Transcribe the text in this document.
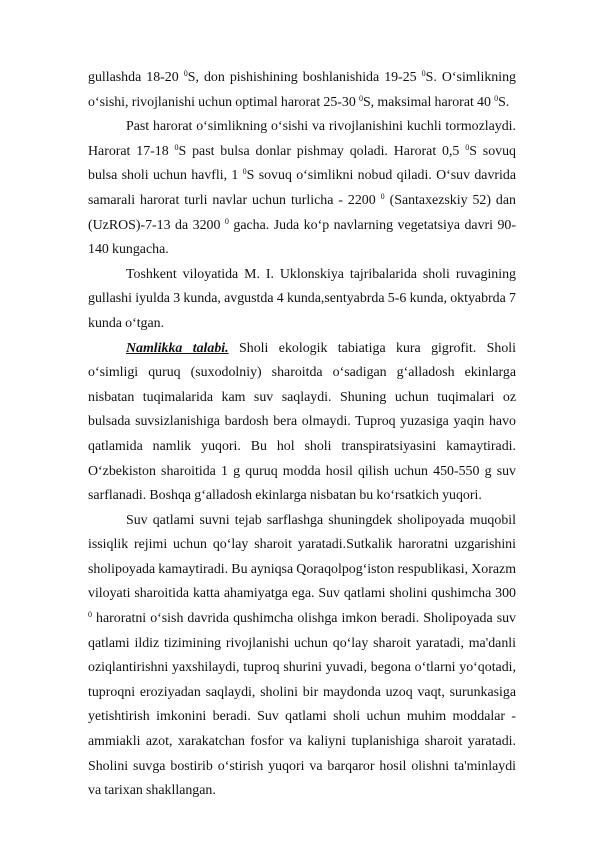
gullashda 18-20 $^0$S, don pishishining boshlanishida 19-25 $^0$S. O‘simlikning o‘sishi, rivojlanishi uchun optimal harorat 25-30 $^0$S, maksimal harorat 40 $^0$S.

Past harorat o‘simlikning o‘sishi va rivojlanishini kuchli tormozlaydi. Harorat 17-18 $^0$S past bulsa donlar pishmay qoladi. Harorat 0,5 $^0$S sovuq bulsa sholi uchun havfli, 1 $^0$S sovuq o‘simlikni nobud qiladi. O‘suv davrida samarali harorat turli navlar uchun turlicha - 2200 $^0$ (Santaxezskiy 52) dan (UzROS)-7-13 da 3200 $^0$ gacha. Juda ko‘p navlarning vegetatsiya davri 90-140 kungacha.

Toshkent viloyatida M. I. Uklonskiya tajribalarida sholi ruvagining gullashi iyulda 3 kunda, avgustda 4 kunda,sentyabrda 5-6 kunda, oktyabrda 7 kunda o‘tgan.

Namlikka talabi. Sholi ekologik tabiatiga kura gigrofit. Sholi o‘simligi quruq (suxodolniy) sharoitda o‘sadigan g‘alladosh ekinlarga nisbatan tuqimalarida kam suv saqlaydi. Shuning uchun tuqimalari oz bulsada suvsizlanishiga bardosh bera olmaydi. Tuproq yuzasiga yaqin havo qatlamida namlik yuqori. Bu hol sholi transpiratsiyasini kamaytiradi. O‘zbekiston sharoitida 1 g quruq modda hosil qilish uchun 450-550 g suv sarflanadi. Boshqa g‘alladosh ekinlarga nisbatan bu ko‘rsatkich yuqori.

Suv qatlami suvni tejab sarflashga shuningdek sholipoyada muqobil issiqlik rejimi uchun qo‘lay sharoit yaratadi.Sutkalik haroratni uzgarishini sholipoyada kamaytiradi. Bu ayniqsa Qoraqolpog‘iston respublikasi, Xorazm viloyati sharoitida katta ahamiyatga ega. Suv qatlami sholini qushimcha 300 $^0$ haroratni o‘sish davrida qushimcha olishga imkon beradi. Sholipoyada suv qatlami ildiz tizimining rivojlanishi uchun qo‘lay sharoit yaratadi, ma'danli oziqlantirishni yaxshilaydi, tuproq shurini yuvadi, begona o‘tlarni yo‘qotadi, tuproqni eroziyadan saqlaydi, sholini bir maydonda uzoq vaqt, surunkasiga yetishtirish imkonini beradi. Suv qatlami sholi uchun muhim moddalar - ammiakli azot, xarakatchan fosfor va kaliyni tuplanishiga sharoit yaratadi. Sholini suvga bostirib o‘stirish yuqori va barqaror hosil olishni ta'minlaydi va tarixan shakllangan.
